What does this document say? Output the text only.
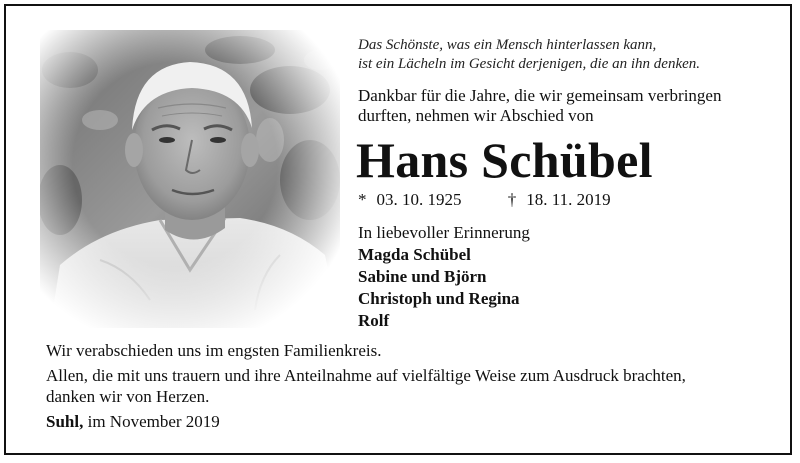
Das Schönste, was ein Mensch hinterlassen kann,
ist ein Lächeln im Gesicht derjenigen, die an ihn denken.
Dankbar für die Jahre, die wir gemeinsam verbringen
durften, nehmen wir Abschied von
Hans Schübel
* 03. 10. 1925	† 18. 11. 2019
In liebevoller Erinnerung
Magda Schübel
Sabine und Björn
Christoph und Regina
Rolf
Wir verabschieden uns im engsten Familienkreis.
Allen, die mit uns trauern und ihre Anteilnahme auf vielfältige Weise zum Ausdruck brachten,
danken wir von Herzen.
Suhl, im November 2019
